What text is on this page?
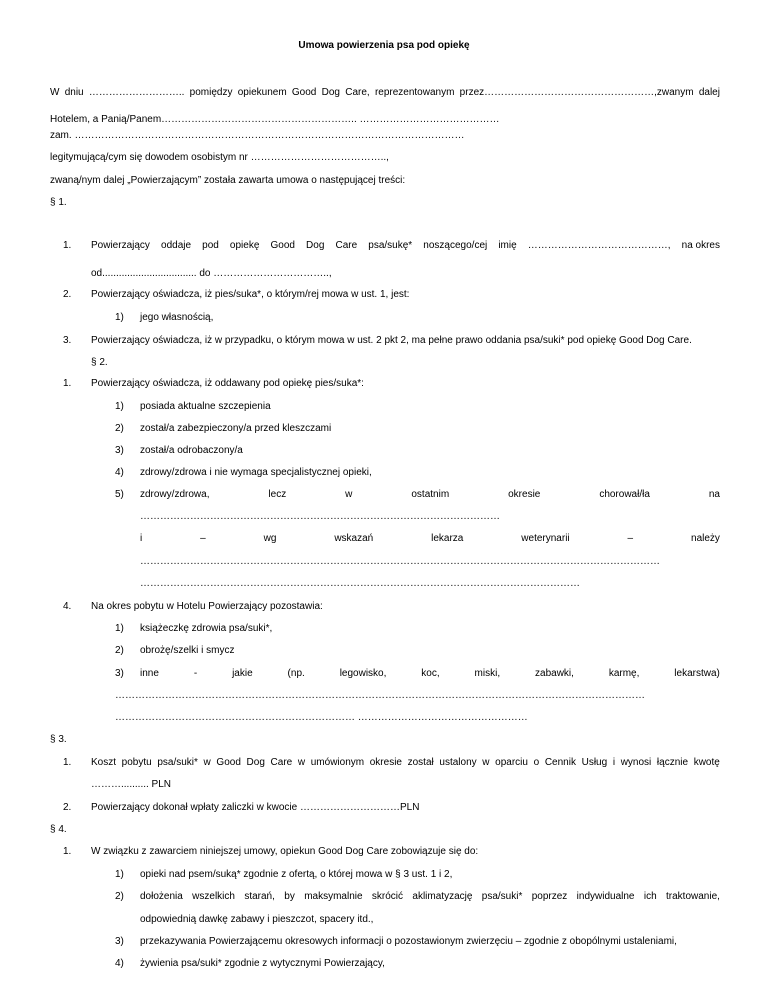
Umowa powierzenia psa pod opiekę
W dniu ……………………….. pomiędzy opiekunem Good Dog Care, reprezentowanym przez……………………………………………,zwanym dalej
Hotelem, a Panią/Panem………………………………………………….. ……………………………………
zam. ………………………………………………………………………………………………………
legitymującą/cym się dowodem osobistym nr …………………………………..,
zwaną/nym dalej „Powierzającym” została zawarta umowa o następującej treści:
§ 1.
1. Powierzający oddaje pod opiekę Good Dog Care psa/sukę* noszącego/cej imię ……………………………………, na okres
od.................................. do ……………………………..,
2. Powierzający oświadcza, iż pies/suka*, o którym/rej mowa w ust. 1, jest:
1) jego własnością,
3. Powierzający oświadcza, iż w przypadku, o którym mowa w ust. 2 pkt 2, ma pełne prawo oddania psa/suki* pod opiekę Good Dog Care.
§ 2.
1. Powierzający oświadcza, iż oddawany pod opiekę pies/suka*:
1) posiada aktualne szczepienia
2) został/a zabezpieczony/a przed kleszczami
3) został/a odrobaczony/a
4) zdrowy/zdrowa i nie wymaga specjalistycznej opieki,
5) zdrowy/zdrowa,	lecz	w	ostatnim	okresie	chorował/ła	na
………………………………………………………………………………………………
i	–	wg	wskazań	lekarza	weterynarii	–	należy
…………………………………………………………………………………………………………………………………………
……………………………………………………………………………………………………………………
4. Na okres pobytu w Hotelu Powierzający pozostawia:
1) książeczkę zdrowia psa/suki*,
2) obrożę/szelki i smycz
3) inne	-	jakie	(np.	legowisko,	koc,	miski,	zabawki,	karmę,	lekarstwa)
……………………………………………………………………………………………………………………………………………
……………………………………………………………… ……………………………………………
§ 3.
1. Koszt pobytu psa/suki* w Good Dog Care w umówionym okresie został ustalony w oparciu o Cennik Usług i wynosi łącznie kwotę
……….......... PLN
2. Powierzający dokonał wpłaty zaliczki w kwocie …………………………PLN
§ 4.
1. W związku z zawarciem niniejszej umowy, opiekun Good Dog Care zobowiązuje się do:
1) opieki nad psem/suką* zgodnie z ofertą, o której mowa w § 3 ust. 1 i 2,
2) dołożenia wszelkich starań, by maksymalnie skrócić aklimatyzację psa/suki* poprzez indywidualne ich traktowanie,
odpowiednią dawkę zabawy i pieszczot, spacery itd.,
3) przekazywania Powierzającemu okresowych informacji o pozostawionym zwierzęciu – zgodnie z obopólnymi ustaleniami,
4) żywienia psa/suki* zgodnie z wytycznymi Powierzający,
